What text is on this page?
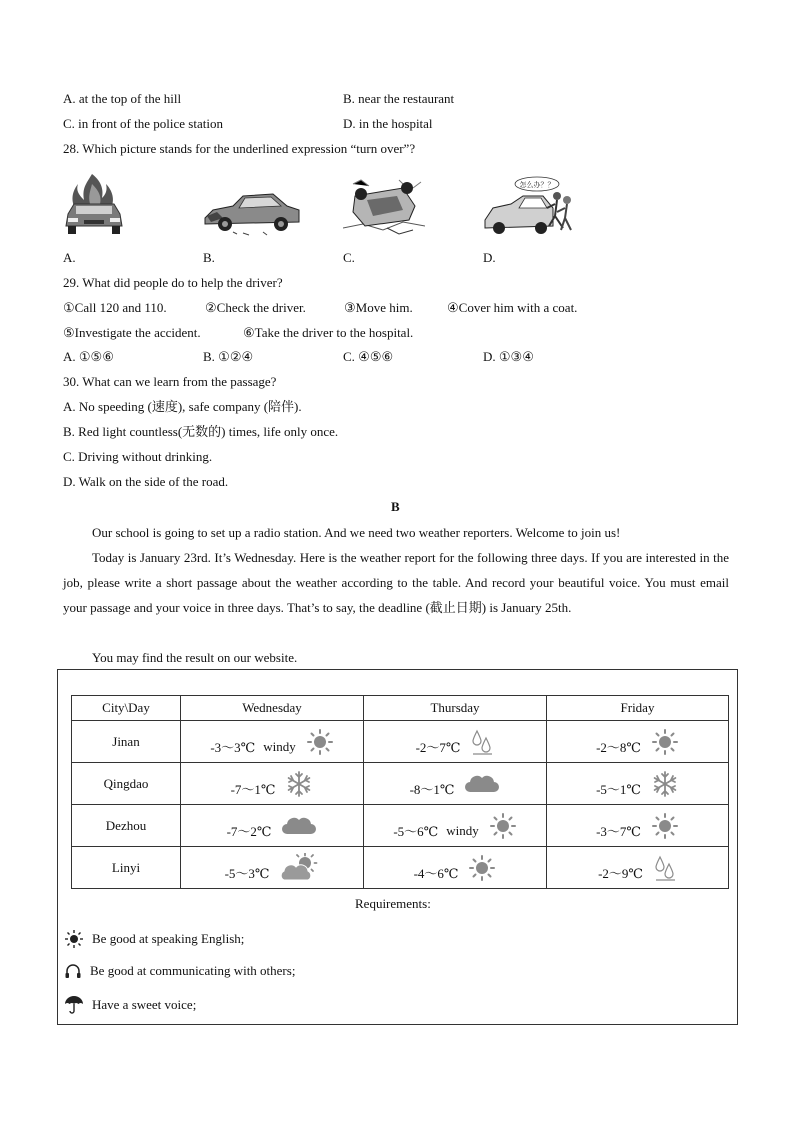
A. at the top of the hill	B. near the restaurant
C. in front of the police station	D. in the hospital
28. Which picture stands for the underlined expression “turn over”?
怎么办？？
A.	B.	C.	D.
29. What did people do to help the driver?
①Call 120 and 110.	②Check the driver.	③Move him.	④Cover him with a coat.
⑤Investigate the accident.	⑥Take the driver to the hospital.
A. ①⑤⑥	B. ①②④	C. ④⑤⑥	D. ①③④
30. What can we learn from the passage?
A. No speeding (速度), safe company (陪伴).
B. Red light countless(无数的) times, life only once.
C. Driving without drinking.
D. Walk on the side of the road.
B
Our school is going to set up a radio station. And we need two weather reporters. Welcome to join us!
Today is January 23rd. It’s Wednesday. Here is the weather report for the following three days. If you are interested in the job, please write a short passage about the weather according to the table. And record your beautiful voice. You must email your passage and your voice in three days. That’s to say, the deadline (截止日期) is January 25th.
You may find the result on our website.
City\Day	Wednesday	Thursday	Friday
Jinan	-3～3℃ windy	-2～7℃	-2～8℃

Qingdao	-7～1℃	-8～1℃	-5～1℃

Dezhou	-7～2℃	-5～6℃ windy	-3～7℃

Linyi	-5～3℃	-4～6℃	-2～9℃
Requirements:
Be good at speaking English;
Be good at communicating with others;
Have a sweet voice;
